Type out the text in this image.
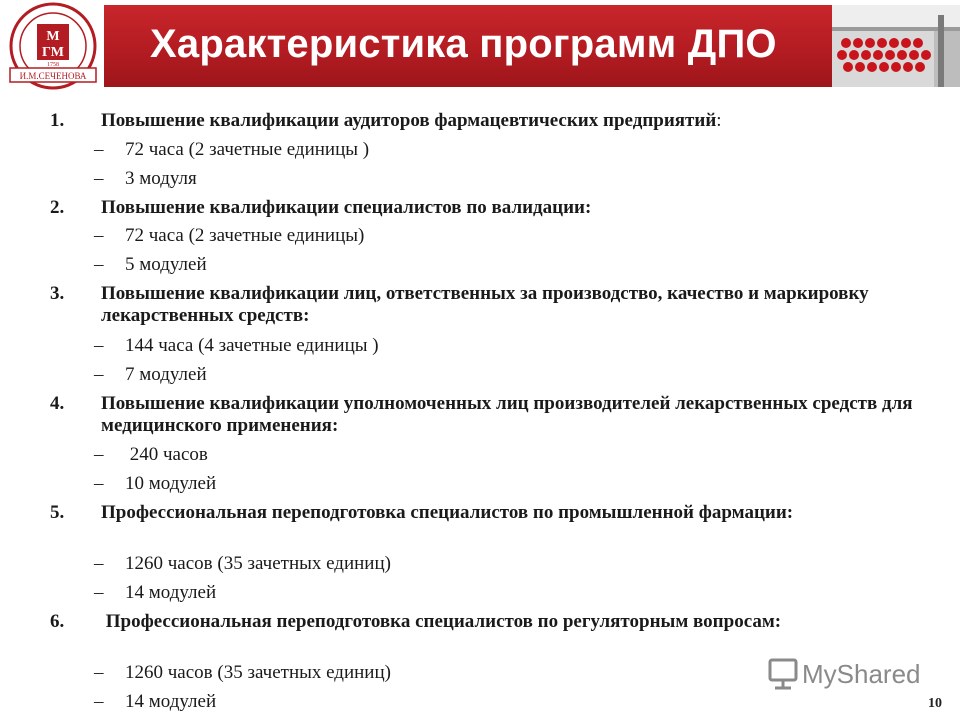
Характеристика программ ДПО
М
ГМ
1758
И.М.СЕЧЕНОВА
1. Повышение квалификации аудиторов фармацевтических предприятий:
– 72 часа (2 зачетные единицы )
– 3 модуля
2. Повышение квалификации специалистов по валидации:
– 72 часа (2 зачетные единицы)
– 5 модулей
3. Повышение квалификации лиц, ответственных за производство, качество и маркировку лекарственных средств:
– 144 часа (4 зачетные единицы )
– 7 модулей
4. Повышение квалификации уполномоченных лиц производителей лекарственных средств для медицинского применения:
– 240 часов
– 10 модулей
5. Профессиональная переподготовка специалистов по промышленной фармации:
– 1260 часов (35 зачетных единиц)
– 14 модулей
6. Профессиональная переподготовка специалистов по регуляторным вопросам:
– 1260 часов (35 зачетных единиц)
– 14 модулей
MyShared
10
